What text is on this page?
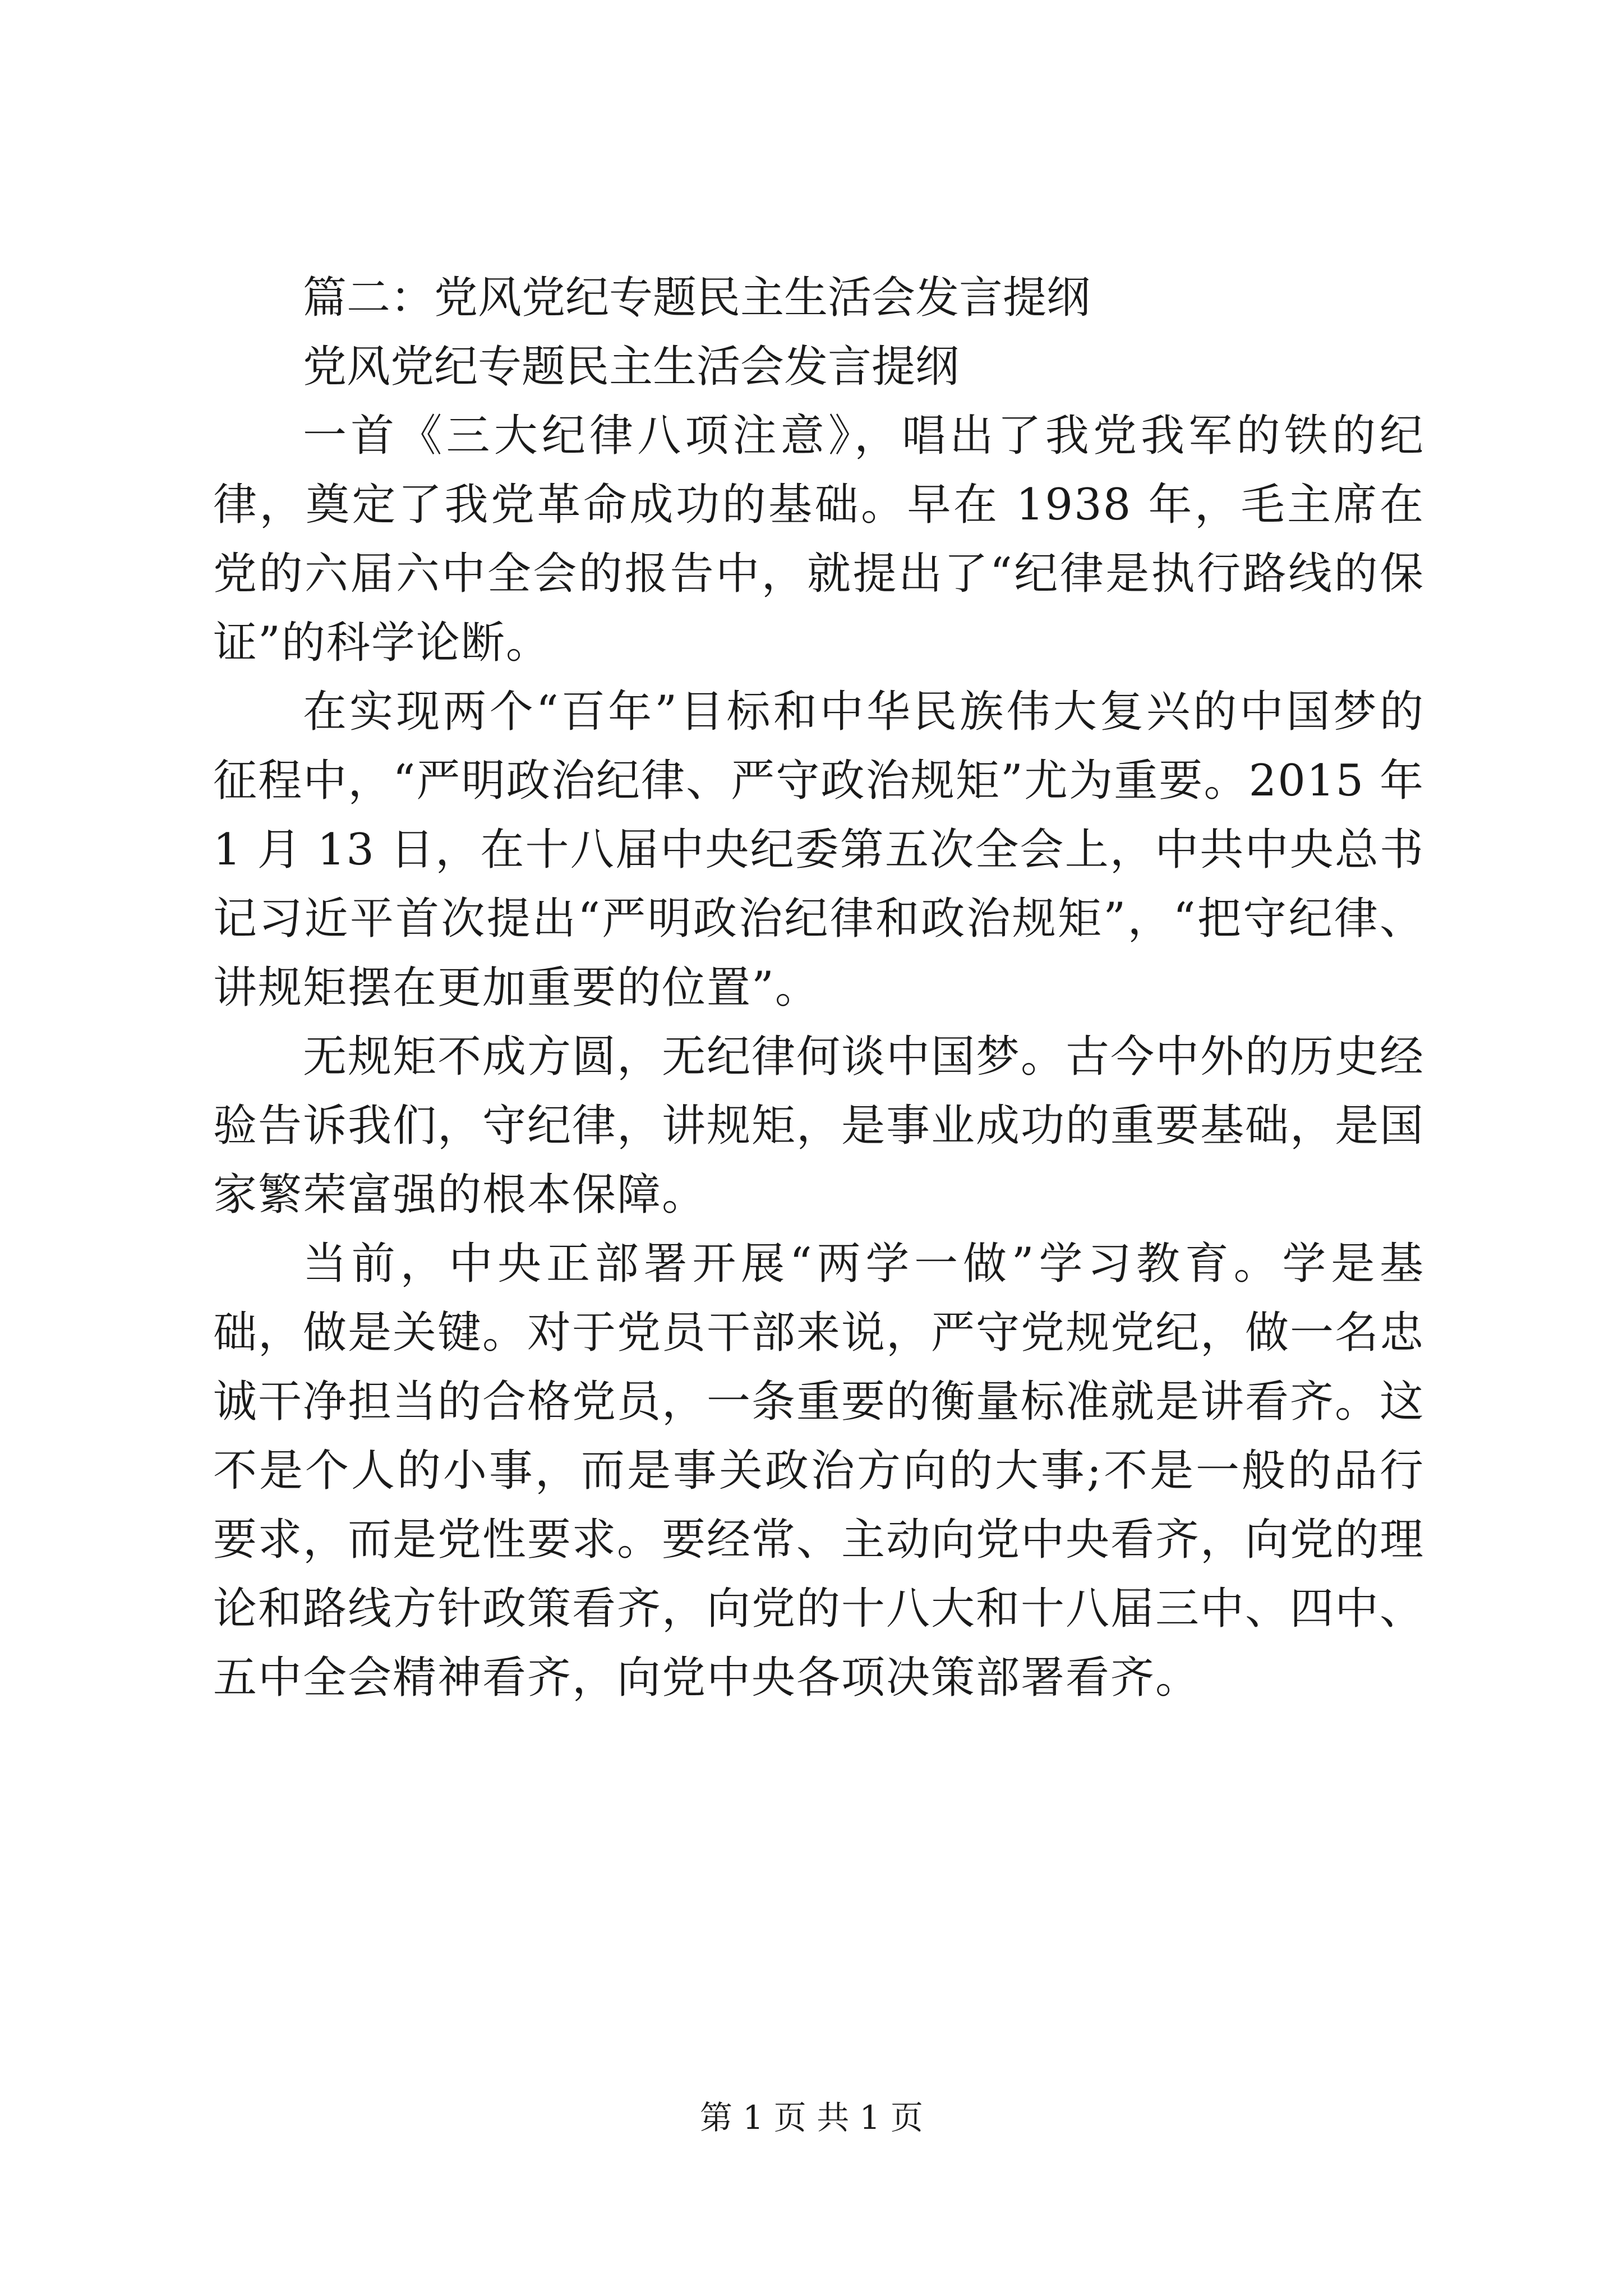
篇二：党风党纪专题民主生活会发言提纲

党风党纪专题民主生活会发言提纲

一首《三大纪律八项注意》，唱出了我党我军的铁的纪律，奠定了我党革命成功的基础。早在 1938 年，毛主席在党的六届六中全会的报告中，就提出了“纪律是执行路线的保证”的科学论断。

在实现两个“百年”目标和中华民族伟大复兴的中国梦的征程中，“严明政治纪律、严守政治规矩”尤为重要。2015 年 1 月 13 日，在十八届中央纪委第五次全会上，中共中央总书记习近平首次提出“严明政治纪律和政治规矩”，“把守纪律、讲规矩摆在更加重要的位置”。

无规矩不成方圆，无纪律何谈中国梦。古今中外的历史经验告诉我们，守纪律，讲规矩，是事业成功的重要基础，是国家繁荣富强的根本保障。

当前，中央正部署开展“两学一做”学习教育。学是基础，做是关键。对于党员干部来说，严守党规党纪，做一名忠诚干净担当的合格党员，一条重要的衡量标准就是讲看齐。这不是个人的小事，而是事关政治方向的大事;不是一般的品行要求，而是党性要求。要经常、主动向党中央看齐，向党的理论和路线方针政策看齐，向党的十八大和十八届三中、四中、五中全会精神看齐，向党中央各项决策部署看齐。

第 1 页 共 1 页
